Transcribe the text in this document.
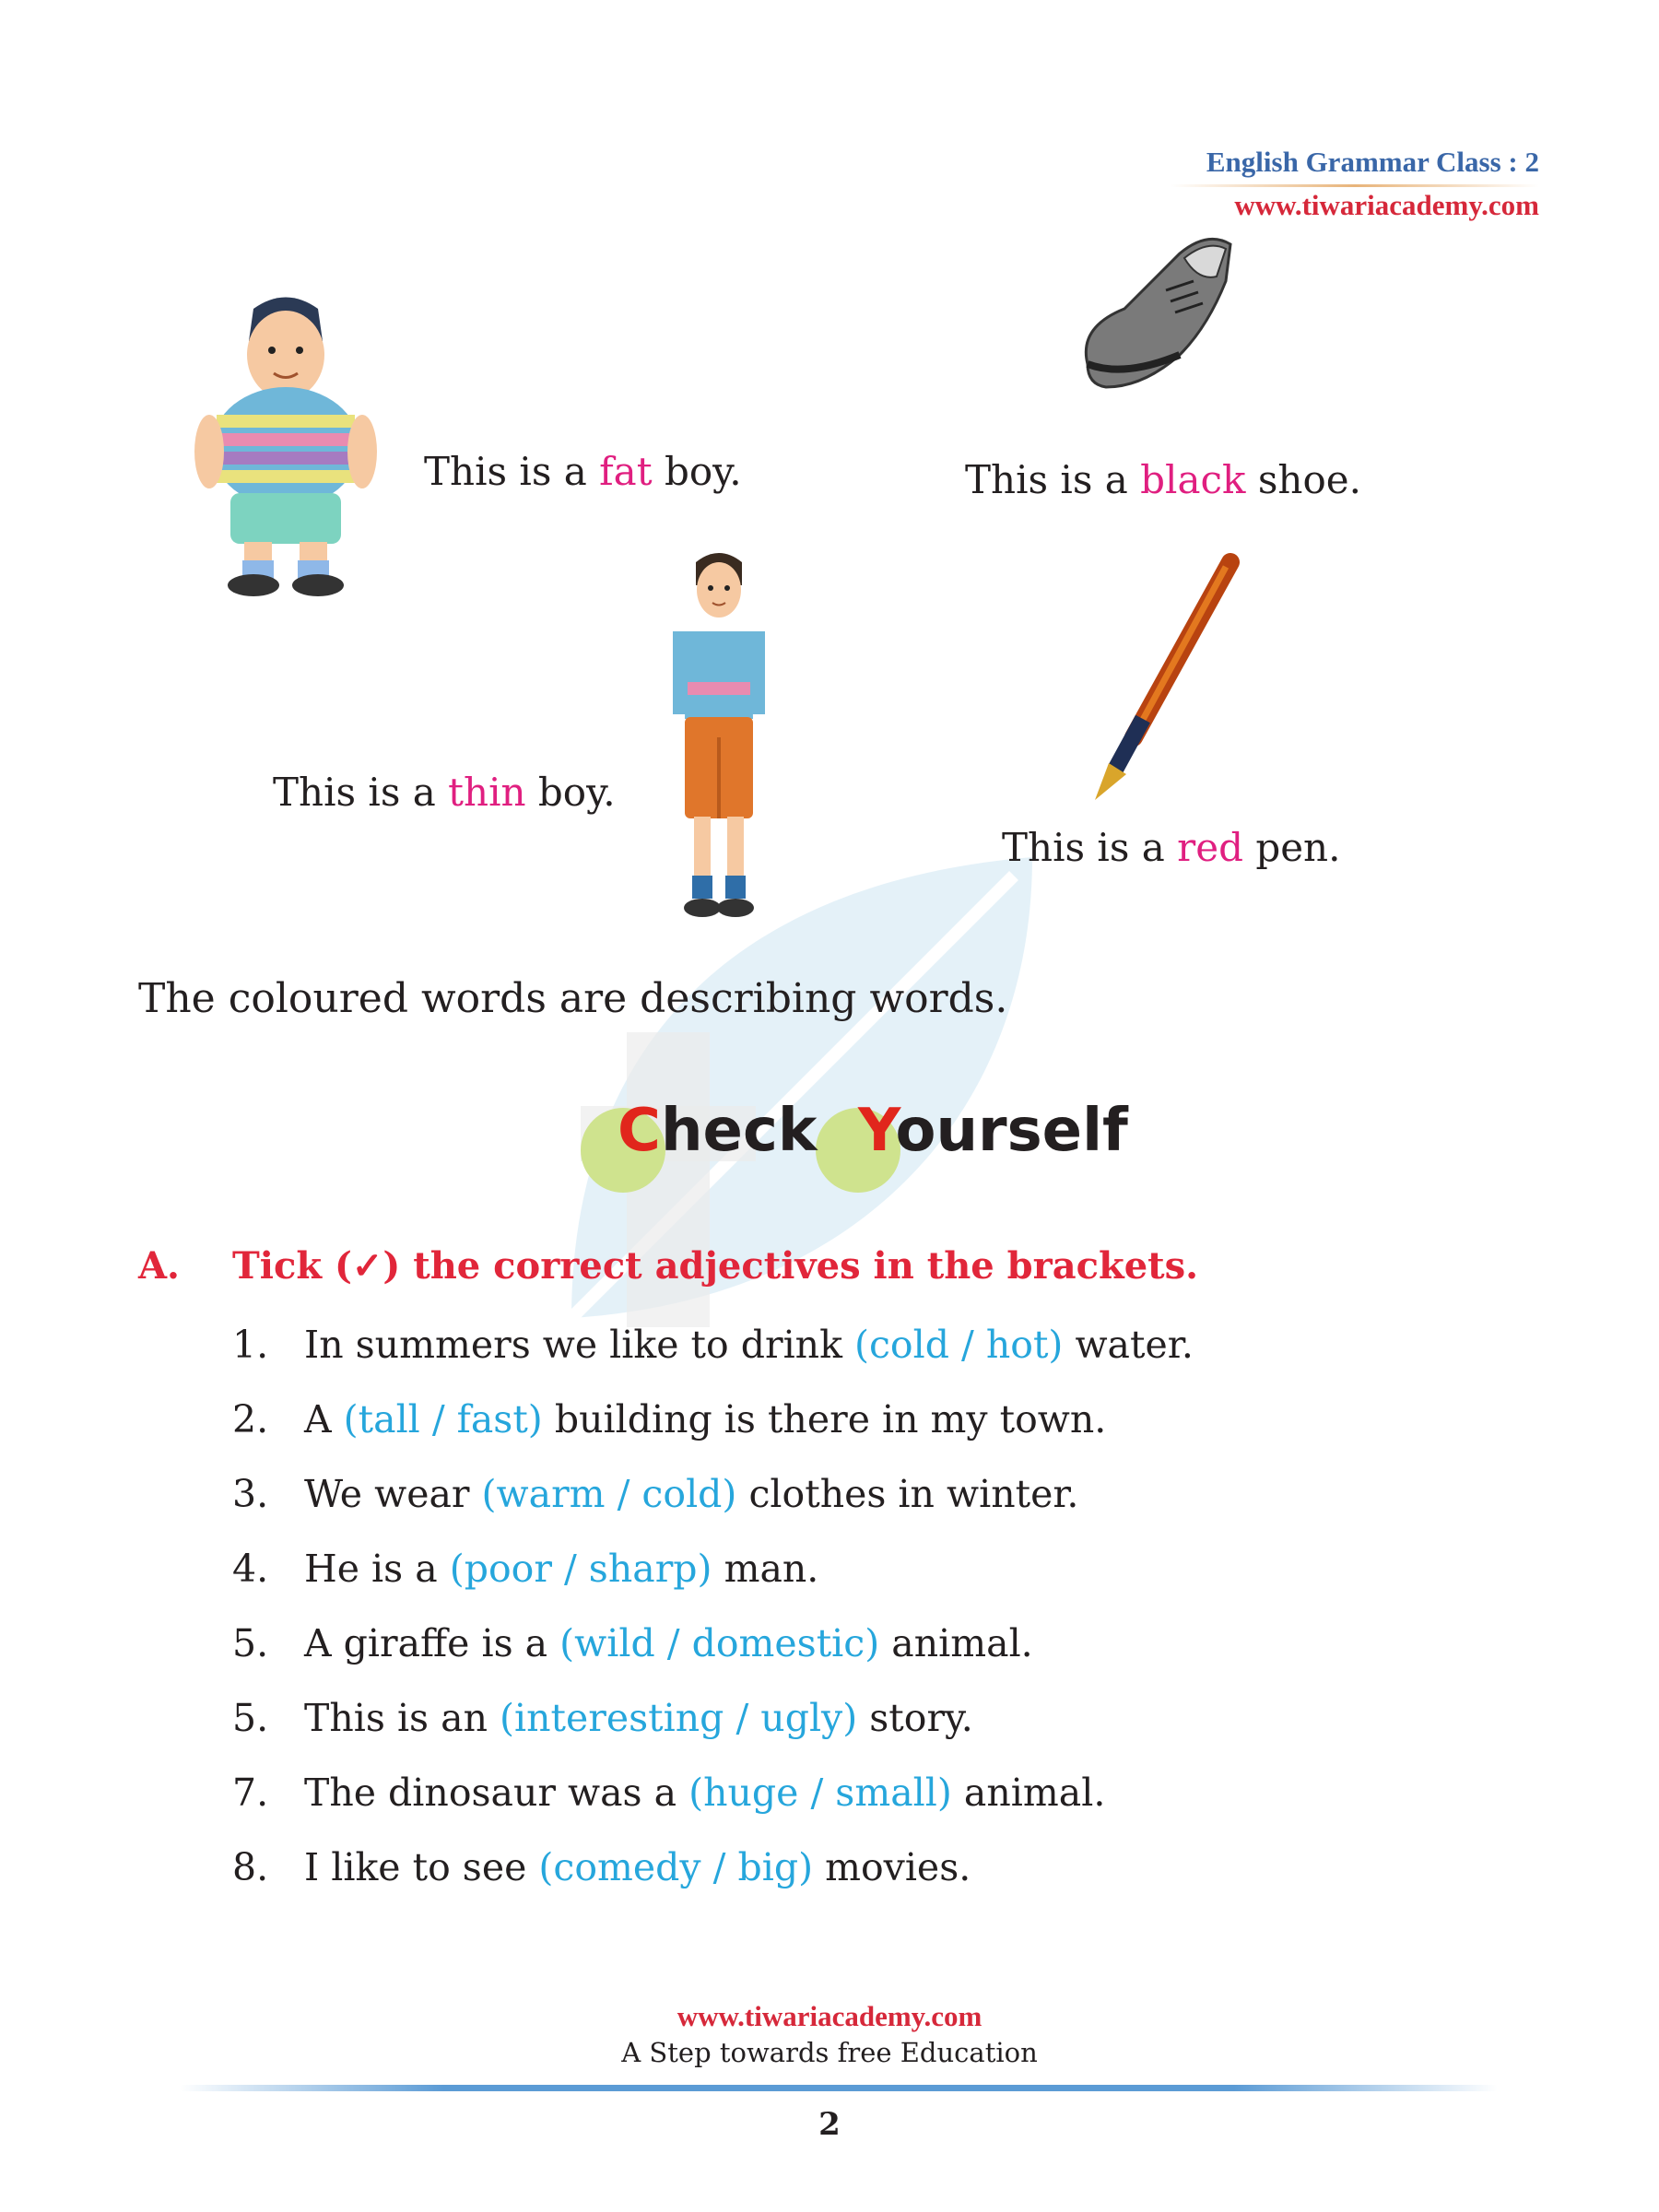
English Grammar Class : 2
www.tiwariacademy.com
This is a fat boy.	This is a black shoe.
This is a thin boy.
This is a red pen.
The coloured words are describing words.
Check Yourself
A. Tick (✓) the correct adjectives in the brackets.
1. In summers we like to drink (cold / hot) water.
2. A (tall / fast) building is there in my town.
3. We wear (warm / cold) clothes in winter.
4. He is a (poor / sharp) man.
5. A giraffe is a (wild / domestic) animal.
5. This is an (interesting / ugly) story.
7. The dinosaur was a (huge / small) animal.
8. I like to see (comedy / big) movies.
www.tiwariacademy.com
A Step towards free Education
2
